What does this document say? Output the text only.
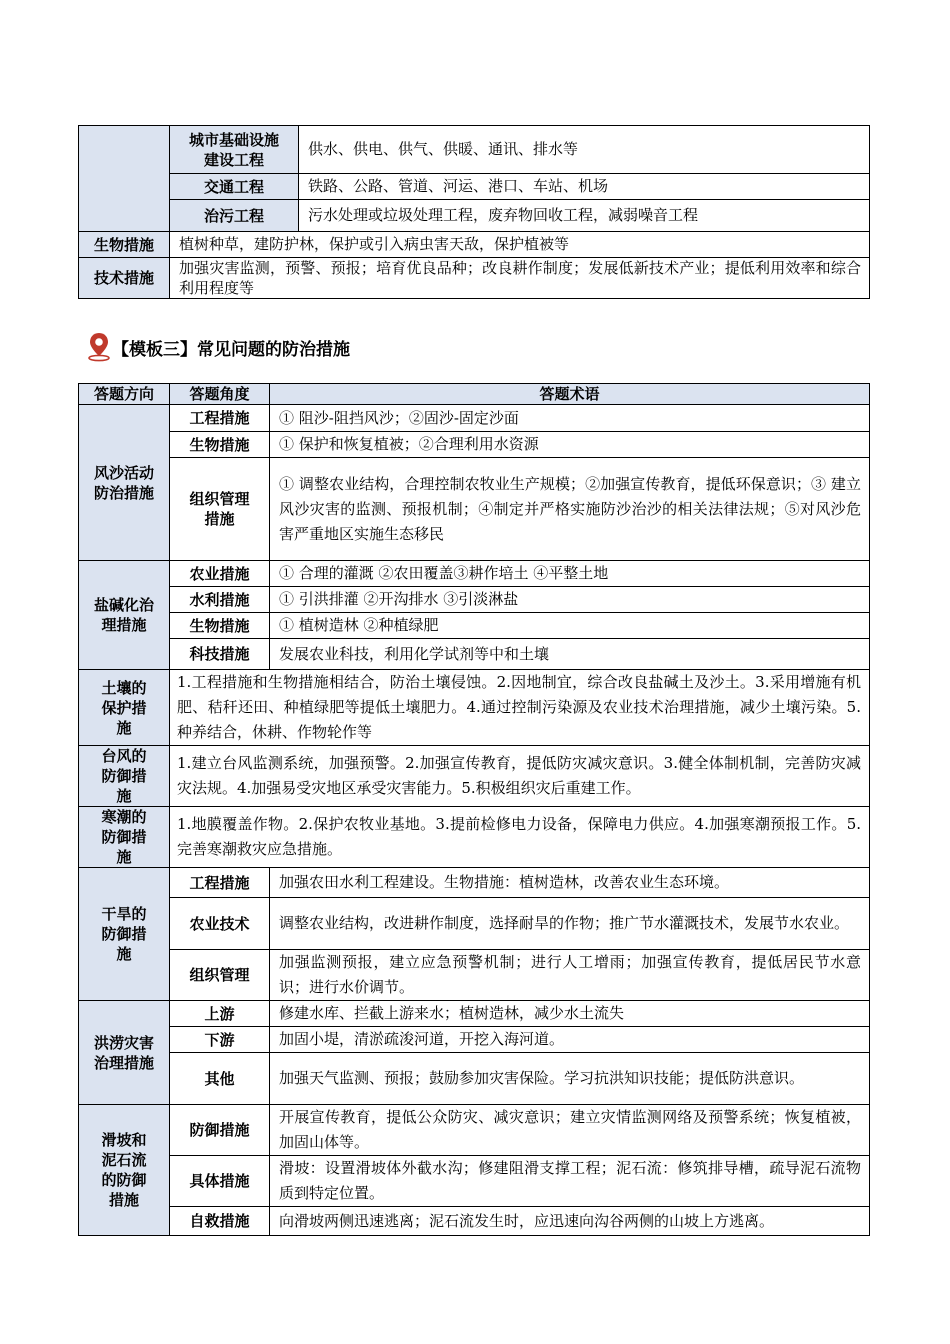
	城市基础设施建设工程	供水、供电、供气、供暖、通讯、排水等
	交通工程	铁路、公路、管道、河运、港口、车站、机场
	治污工程	污水处理或垃圾处理工程，废弃物回收工程，减弱噪音工程
生物措施	植树种草，建防护林，保护或引入病虫害天敌，保护植被等	
技术措施	加强灾害监测，预警、预报；培育优良品种；改良耕作制度；发展低新技术产业；提低利用效率和综合利用程度等	
【模板三】常见问题的防治措施
答题方向	答题角度	答题术语
风沙活动防治措施	工程措施	① 阻沙-阻挡风沙；②固沙-固定沙面
	生物措施	① 保护和恢复植被；②合理利用水资源
	组织管理措施	① 调整农业结构，合理控制农牧业生产规模；②加强宣传教育，提低环保意识；③ 建立风沙灾害的监测、预报机制；④制定并严格实施防沙治沙的相关法律法规；⑤对风沙危害严重地区实施生态移民
盐碱化治理措施	农业措施	① 合理的灌溉 ②农田覆盖③耕作培土 ④平整土地
	水利措施	① 引洪排灌 ②开沟排水 ③引淡淋盐
	生物措施	① 植树造林 ②种植绿肥
	科技措施	发展农业科技，利用化学试剂等中和土壤
土壤的保护措施	1.工程措施和生物措施相结合，防治土壤侵蚀。2.因地制宜，综合改良盐碱土及沙土。3.采用增施有机肥、秸秆还田、种植绿肥等提低土壤肥力。4.通过控制污染源及农业技术治理措施，减少土壤污染。5.种养结合，休耕、作物轮作等	
台风的防御措施	1.建立台风监测系统，加强预警。2.加强宣传教育，提低防灾减灾意识。3.健全体制机制，完善防灾减灾法规。4.加强易受灾地区承受灾害能力。5.积极组织灾后重建工作。	
寒潮的防御措施	1.地膜覆盖作物。2.保护农牧业基地。3.提前检修电力设备，保障电力供应。4.加强寒潮预报工作。5.完善寒潮救灾应急措施。	
干旱的防御措施	工程措施	加强农田水利工程建设。生物措施：植树造林，改善农业生态环境。
	农业技术	调整农业结构，改进耕作制度，选择耐旱的作物；推广节水灌溉技术，发展节水农业。
	组织管理	加强监测预报，建立应急预警机制；进行人工增雨；加强宣传教育，提低居民节水意识；进行水价调节。
洪涝灾害治理措施	上游	修建水库、拦截上游来水；植树造林，减少水土流失
	下游	加固小堤，清淤疏浚河道，开挖入海河道。
	其他	加强天气监测、预报；鼓励参加灾害保险。学习抗洪知识技能；提低防洪意识。
滑坡和泥石流的防御措施	防御措施	开展宣传教育，提低公众防灾、减灾意识；建立灾情监测网络及预警系统；恢复植被，加固山体等。
	具体措施	滑坡：设置滑坡体外截水沟；修建阻滑支撑工程；泥石流：修筑排导槽，疏导泥石流物质到特定位置。
	自救措施	向滑坡两侧迅速逃离；泥石流发生时，应迅速向沟谷两侧的山坡上方逃离。
